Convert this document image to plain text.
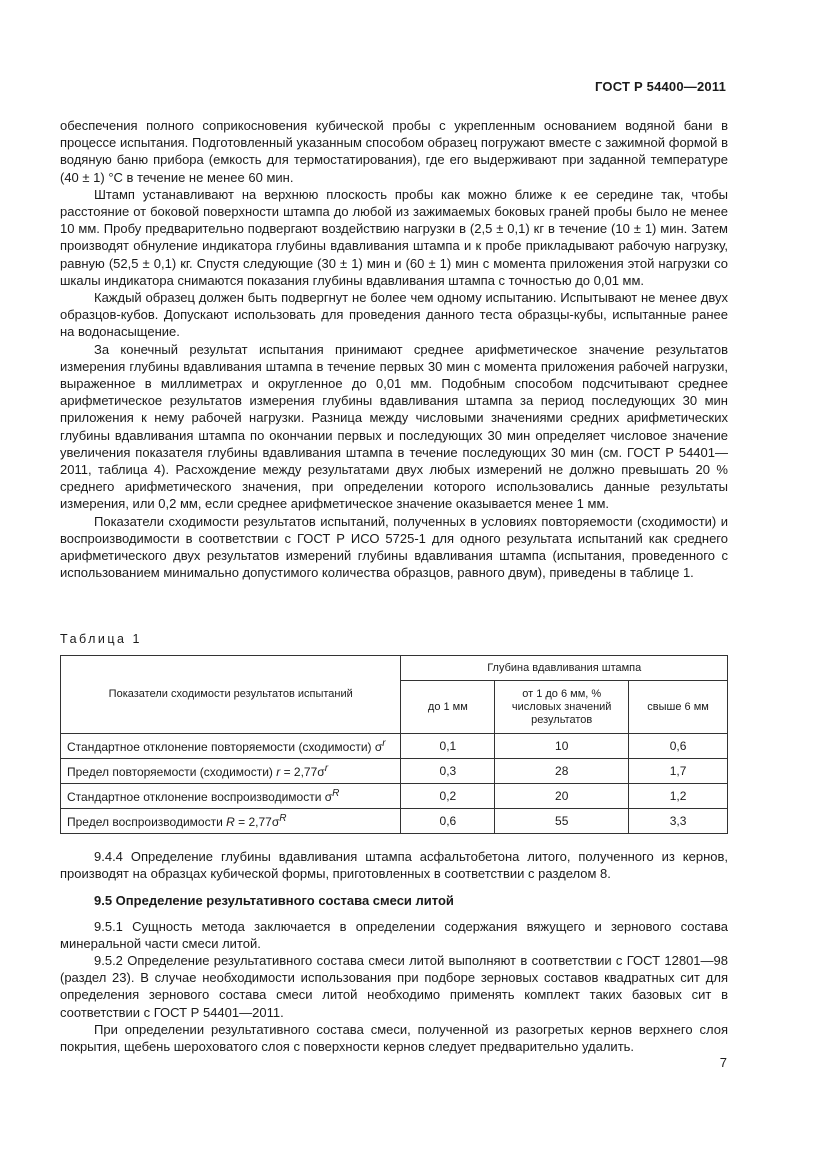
ГОСТ Р 54400—2011

обеспечения полного соприкосновения кубической пробы с укрепленным основанием водяной бани в процессе испытания. Подготовленный указанным способом образец погружают вместе с зажимной формой в водяную баню прибора (емкость для термостатирования), где его выдерживают при заданной температуре (40 ± 1) °С в течение не менее 60 мин.

Штамп устанавливают на верхнюю плоскость пробы как можно ближе к ее середине так, чтобы расстояние от боковой поверхности штампа до любой из зажимаемых боковых граней пробы было не менее 10 мм. Пробу предварительно подвергают воздействию нагрузки в (2,5 ± 0,1) кг в течение (10 ± 1) мин. Затем производят обнуление индикатора глубины вдавливания штампа и к пробе прикладывают рабочую нагрузку, равную (52,5 ± 0,1) кг. Спустя следующие (30 ± 1) мин и (60 ± 1) мин с момента приложения этой нагрузки со шкалы индикатора снимаются показания глубины вдавливания штампа с точностью до 0,01 мм.

Каждый образец должен быть подвергнут не более чем одному испытанию. Испытывают не менее двух образцов-кубов. Допускают использовать для проведения данного теста образцы-кубы, испытанные ранее на водонасыщение.

За конечный результат испытания принимают среднее арифметическое значение результатов измерения глубины вдавливания штампа в течение первых 30 мин с момента приложения рабочей нагрузки, выраженное в миллиметрах и округленное до 0,01 мм. Подобным способом подсчитывают среднее арифметическое результатов измерения глубины вдавливания штампа за период последующих 30 мин приложения к нему рабочей нагрузки. Разница между числовыми значениями средних арифметических глубины вдавливания штампа по окончании первых и последующих 30 мин определяет числовое значение увеличения показателя глубины вдавливания штампа в течение последующих 30 мин (см. ГОСТ Р 54401—2011, таблица 4). Расхождение между результатами двух любых измерений не должно превышать 20 % среднего арифметического значения, при определении которого использовались данные результаты измерения, или 0,2 мм, если среднее арифметическое значение оказывается менее 1 мм.

Показатели сходимости результатов испытаний, полученных в условиях повторяемости (сходимости) и воспроизводимости в соответствии с ГОСТ Р ИСО 5725-1 для одного результата испытаний как среднего арифметического двух результатов измерений глубины вдавливания штампа (испытания, проведенного с использованием минимально допустимого количества образцов, равного двум), приведены в таблице 1.

Таблица 1
Показатели сходимости результатов испытаний	Глубина вдавливания штампа		
	до 1 мм	от 1 до 6 мм, % числовых значений результатов	свыше 6 мм
Стандартное отклонение повторяемости (сходимости) $\sigma^r$	0,1	10	0,6
Предел повторяемости (сходимости) $r = 2,77\sigma^r$	0,3	28	1,7
Стандартное отклонение воспроизводимости $\sigma^R$	0,2	20	1,2
Предел воспроизводимости $R = 2,77\sigma^R$	0,6	55	3,3

9.4.4 Определение глубины вдавливания штампа асфальтобетона литого, полученного из кернов, производят на образцах кубической формы, приготовленных в соответствии с разделом 8.

9.5 Определение результативного состава смеси литой

9.5.1 Сущность метода заключается в определении содержания вяжущего и зернового состава минеральной части смеси литой.

9.5.2 Определение результативного состава смеси литой выполняют в соответствии с ГОСТ 12801—98 (раздел 23). В случае необходимости использования при подборе зерновых составов квадратных сит для определения зернового состава смеси литой необходимо применять комплект таких базовых сит в соответствии с ГОСТ Р 54401—2011.

При определении результативного состава смеси, полученной из разогретых кернов верхнего слоя покрытия, щебень шероховатого слоя с поверхности кернов следует предварительно удалить.

7
